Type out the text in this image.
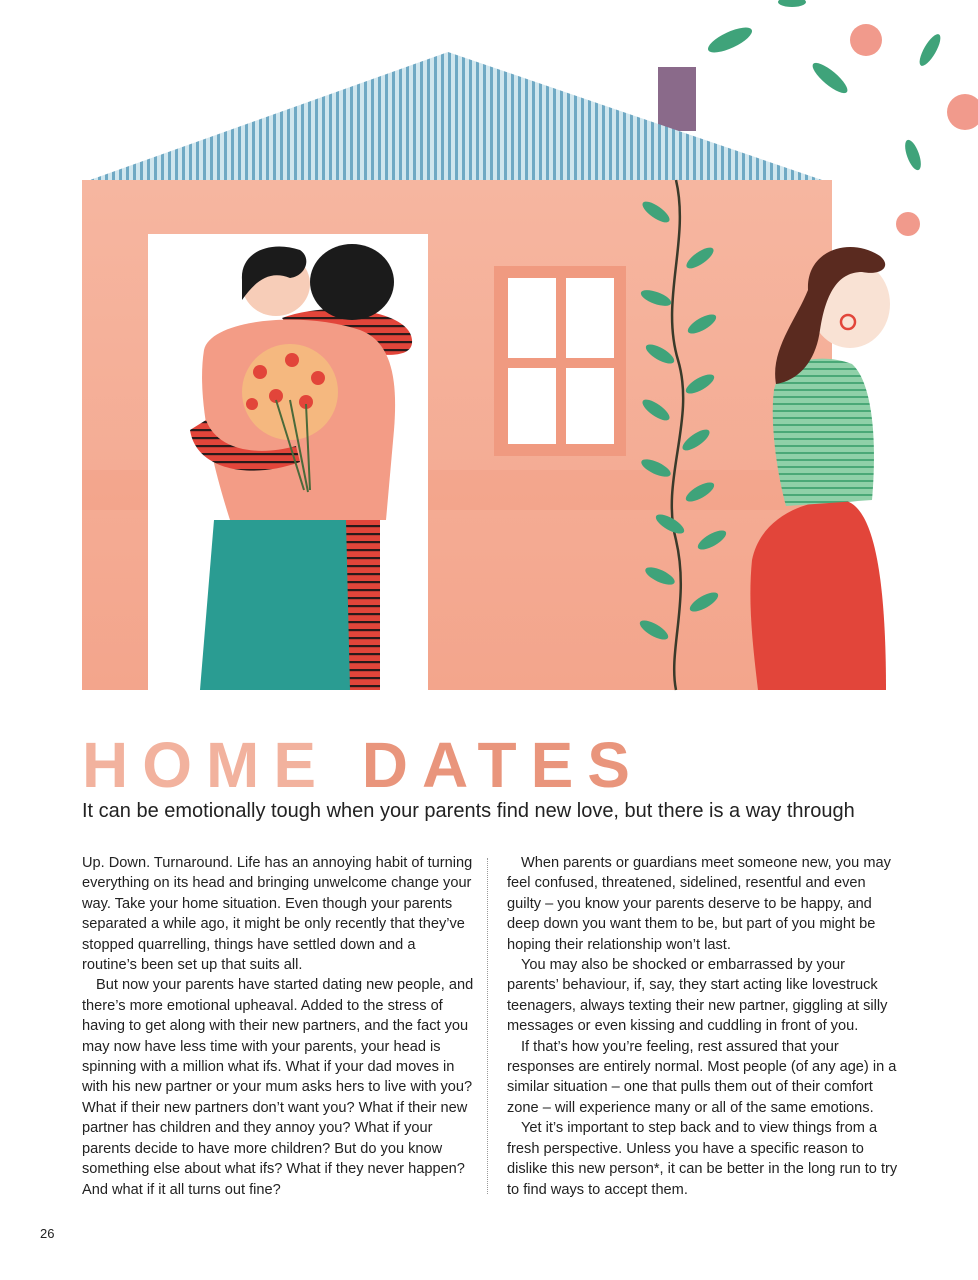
HOME DATES

It can be emotionally tough when your parents find new love, but there is a way through

Up. Down. Turnaround. Life has an annoying habit of turning everything on its head and bringing unwelcome change your way. Take your home situation. Even though your parents separated a while ago, it might be only recently that they’ve stopped quarrelling, things have settled down and a routine’s been set up that suits all.

But now your parents have started dating new people, and there’s more emotional upheaval. Added to the stress of having to get along with their new partners, and the fact you may now have less time with your parents, your head is spinning with a million what ifs. What if your dad moves in with his new partner or your mum asks hers to live with you? What if their new partners don’t want you? What if their new partner has children and they annoy you? What if your parents decide to have more children? But do you know something else about what ifs? What if they never happen? And what if it all turns out fine?

When parents or guardians meet someone new, you may feel confused, threatened, sidelined, resentful and even guilty – you know your parents deserve to be happy, and deep down you want them to be, but part of you might be hoping their relationship won’t last.

You may also be shocked or embarrassed by your parents’ behaviour, if, say, they start acting like lovestruck teenagers, always texting their new partner, giggling at silly messages or even kissing and cuddling in front of you.

If that’s how you’re feeling, rest assured that your responses are entirely normal. Most people (of any age) in a similar situation – one that pulls them out of their comfort zone – will experience many or all of the same emotions.

Yet it’s important to step back and to view things from a fresh perspective. Unless you have a specific reason to dislike this new person*, it can be better in the long run to try to find ways to accept them.

26
